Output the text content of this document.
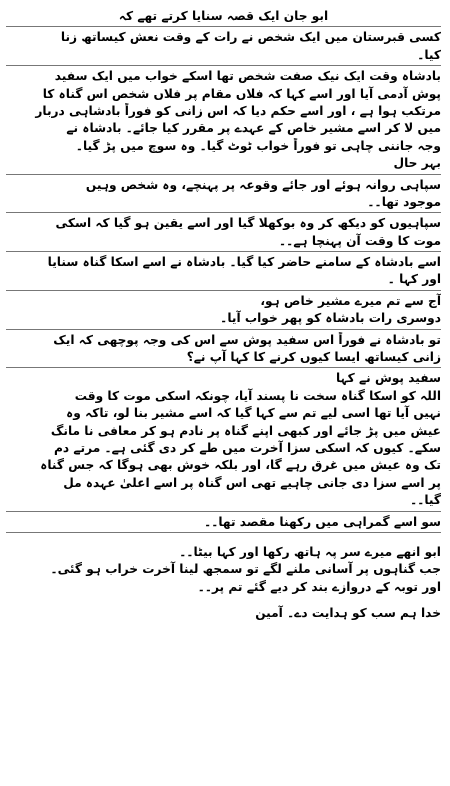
ابو جان ایک قصہ سنایا کرتے تھے کہ
کسی قبرستان میں ایک شخص نے رات کے وقت نعش کیساتھ زنا
کیا۔
بادشاہ وقت ایک نیک صفت شخص تھا اسکے خواب میں ایک سفید
پوش آدمی آیا اور اسے کہا کہ فلاں مقام پر فلاں شخص اس گناہ کا
مرتکب ہوا ہے ، اور اسے حکم دیا کہ اس زانی کو فوراً بادشاہی دربار
میں لا کر اسے مشیر خاص کے عہدے پر مقرر کیا جائے۔ بادشاہ نے
وجہ جاننی چاہی تو فوراً خواب ٹوٹ گیا۔ وہ سوچ میں پڑ گیا۔
بہر حال
سپاہی روانہ ہوئے اور جائے وقوعہ پر پہنچے، وہ شخص وہیں
موجود تھا۔۔
سپاہیوں کو دیکھ کر وہ بوکھلا گیا اور اسے یقین ہو گیا کہ اسکی
موت کا وقت آن پہنچا ہے۔۔
اسے بادشاہ کے سامنے حاضر کیا گیا۔ بادشاہ نے اسے اسکا گناہ سنایا
اور کہا ۔
آج سے تم میرے مشیر خاص ہو،
دوسری رات بادشاہ کو پھر خواب آیا۔
تو بادشاہ نے فوراً اس سفید پوش سے اس کی وجہ پوچھی کہ ایک
زانی کیساتھ ایسا کیوں کرنے کا کہا آپ نے؟
سفید پوش نے کہا
اللہ کو اسکا گناہ سخت نا پسند آیا، چونکہ اسکی موت کا وقت
نہیں آیا تھا اسی لیے تم سے کہا گیا کہ اسے مشیر بنا لو، تاکہ وہ
عیش میں پڑ جائے اور کبھی اپنے گناہ پر نادم ہو کر معافی نا مانگ
سکے۔ کیوں کہ اسکی سزا آخرت میں طے کر دی گئی ہے۔ مرتے دم
تک وہ عیش میں غرق رہے گا، اور بلکہ خوش بھی ہوگا کہ جس گناہ
پر اسے سزا دی جانی چاہیے تھی اس گناہ پر اسے اعلیٰ عہدہ مل
گیا۔۔
سو اسے گمراہی میں رکھنا مقصد تھا۔۔
ابو انھے میرے سر پہ ہاتھ رکھا اور کہا بیٹا۔۔
جب گناہوں پر آسانی ملنے لگے تو سمجھ لینا آخرت خراب ہو گئی۔
اور توبہ کے دروازے بند کر دیے گئے تم پر۔۔
خدا ہم سب کو ہدایت دے۔ آمین
